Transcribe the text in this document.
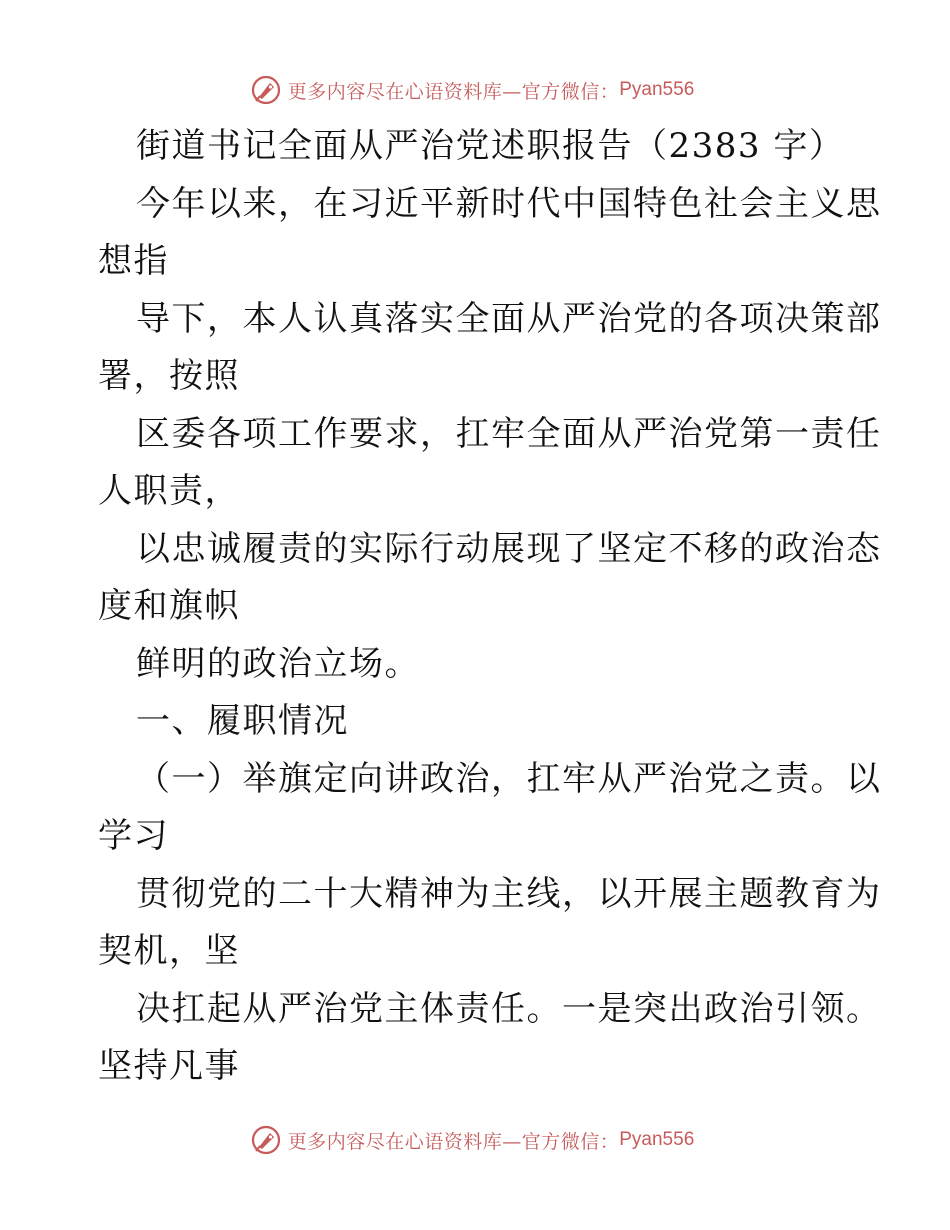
更多内容尽在心语资料库—官方微信： Pyan556
街道书记全面从严治党述职报告（2383 字）
今年以来，在习近平新时代中国特色社会主义思
想指
导下，本人认真落实全面从严治党的各项决策部
署，按照
区委各项工作要求，扛牢全面从严治党第一责任
人职责，
以忠诚履责的实际行动展现了坚定不移的政治态
度和旗帜
鲜明的政治立场。
一、履职情况
（一）举旗定向讲政治，扛牢从严治党之责。以
学习
贯彻党的二十大精神为主线，以开展主题教育为
契机，坚
决扛起从严治党主体责任。一是突出政治引领。
坚持凡事
更多内容尽在心语资料库—官方微信： Pyan556
